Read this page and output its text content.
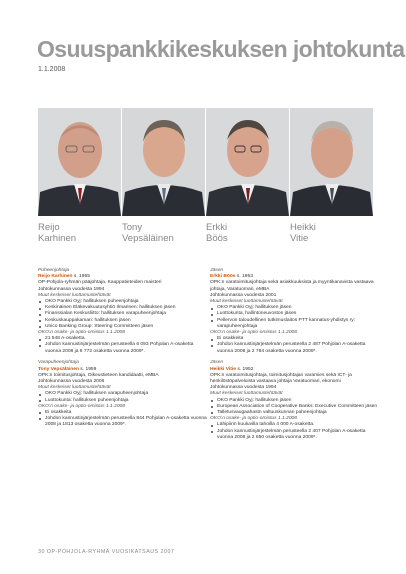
Osuuspankkikeskuksen johtokunta
1.1.2008
Reijo
Karhinen
Tony
Vepsäläinen
Erkki
Böös
Heikki
Vitie
Puheenjohtaja
Reijo Karhinen s. 1955
OP-Pohjola-ryhmän pääjohtaja, Kauppatieteiden maisteri
Johtokunnassa vuodesta 1994
Muut keskeiset luottamustehtävät
OKO Pankki Oyj: hallituksen puheenjohtaja
Keskinäinen Eläkevakuutusyhtiö Ilmarinen: hallituksen jäsen
Finanssialan Keskusliitto: hallituksen varapuheenjohtaja
Keskuskauppakamari: hallituksen jäsen
Unico Banking Group: Steering Committeen jäsen
OKO:n osake- ja optio-omistus 1.1.2008
21 548 A-osaketta.
Johdon kannustinjärjestelmän perusteella 6 093 Pohjolan A-osaketta vuonna 2008 ja 6 772 osaketta vuonna 2009*.
Varapuheenjohtaja
Tony Vepsäläinen s. 1959
OPK:n toimitusjohtaja, Oikeustieteen kandidaatti, eMBA
Johtokunnassa vuodesta 2006
Muut keskeiset luottamustehtävät
OKO Pankki Oyj: hallituksen varapuheenjohtaja
Luottokunta: hallituksen puheenjohtaja
OKO:n osake- ja optio-omistus 1.1.2008
Ei osakkeita
Johdon kannustinjärjestelmän perusteella 844 Pohjolan A-osaketta vuonna 2008 ja 1813 osaketta vuonna 2009*.
Jäsen
Erkki Böös s. 1953
OPK:n varatoimitusjohtaja sekä asiakkuuksista ja myyntikanavista vastaava johtaja, Varatuomari, eMBA
Johtokunnassa vuodesta 2001
Muut keskeiset luottamustehtävät
OKO Pankki Oyj: hallituksen jäsen
Luottokunta, hallintoneuvoston jäsen
Pellervon taloudellinen tutkimuslaitos PTT kannatus-yhdistys ry: varapuheenjohtaja
OKO:n osake- ja optio-omistus 1.1.2008
Ei osakkeita
Johdon kannustinjärjestelmän perusteella 2 487 Pohjolan A-osaketta vuonna 2008 ja 2 764 osaketta vuonna 2009*.
Jäsen
Heikki Vitie s. 1952
OPK:n varatoimitusjohtaja, toimitusjohtajan varamies sekä ICT- ja henkilöstöpalveluista vastaava johtaja Varatuomari, ekonomi
Johtokunnassa vuodesta 1994
Muut keskeiset luottamustehtävät
OKO Pankki Oyj: hallituksen jäsen
European Association of Cooperative Banks: Executive Committeen jäsen
Talletusvaugaahastn valtuuskunnan puheenjohtaja
OKO:n osake- ja optio-omistus 1.1.2008
Lähipiirin kuuluvilla tahoilla 4 000 A-osaketta.
Johdon kannustinjärjestelmän perusteella 2 407 Pohjolan A-osaketta vuonna 2008 ja 2 650 osaketta vuonna 2009*.
30 OP-POHJOLA-RYHMÄ VUOSIKATSAUS 2007
